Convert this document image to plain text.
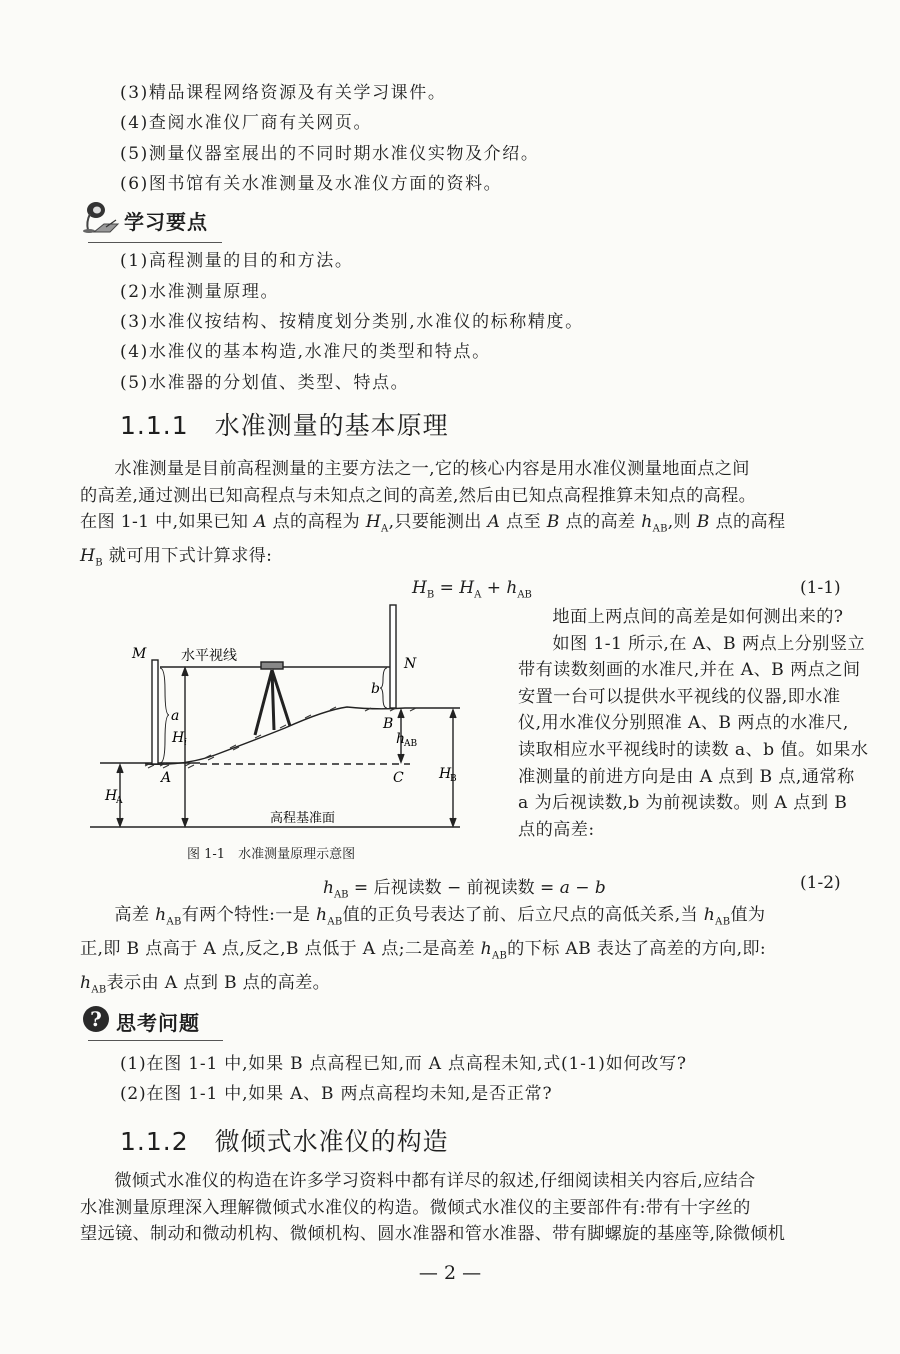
(3)精品课程网络资源及有关学习课件。
(4)查阅水准仪厂商有关网页。
(5)测量仪器室展出的不同时期水准仪实物及介绍。
(6)图书馆有关水准测量及水准仪方面的资料。
学习要点
(1)高程测量的目的和方法。
(2)水准测量原理。
(3)水准仪按结构、按精度划分类别,水准仪的标称精度。
(4)水准仪的基本构造,水准尺的类型和特点。
(5)水准器的分划值、类型、特点。
1.1.1 水准测量的基本原理

水准测量是目前高程测量的主要方法之一,它的核心内容是用水准仪测量地面点之间

的高差,通过测出已知高程点与未知点之间的高差,然后由已知点高程推算未知点的高程。

在图 1-1 中,如果已知 A 点的高程为 $H_A$,只要能测出 A 点至 B 点的高差 $h_{AB}$,则 B 点的高程

$H_B$ 就可用下式计算求得:

$H_B = H_A + h_{AB}$	(1-1)
M 水平视线	N
a
b
H i
A
B
C
H
A
H
B
h
AB
高程基准面
图 1-1　水准测量原理示意图
地面上两点间的高差是如何测出来的?
如图 1-1 所示,在 A、B 两点上分别竖立
带有读数刻画的水准尺,并在 A、B 两点之间
安置一台可以提供水平视线的仪器,即水准
仪,用水准仪分别照准 A、B 两点的水准尺,
读取相应水平视线时的读数 a、b 值。如果水
准测量的前进方向是由 A 点到 B 点,通常称
a 为后视读数,b 为前视读数。则 A 点到 B
点的高差:
$h_{AB}$ = 后视读数 − 前视读数 = a − b	(1-2)

高差 $h_{AB}$有两个特性:一是 $h_{AB}$值的正负号表达了前、后立尺点的高低关系,当 $h_{AB}$值为

正,即 B 点高于 A 点,反之,B 点低于 A 点;二是高差 $h_{AB}$的下标 AB 表达了高差的方向,即:

$h_{AB}$表示由 A 点到 B 点的高差。

? 思考问题
(1)在图 1-1 中,如果 B 点高程已知,而 A 点高程未知,式(1-1)如何改写?
(2)在图 1-1 中,如果 A、B 两点高程均未知,是否正常?
1.1.2 微倾式水准仪的构造

微倾式水准仪的构造在许多学习资料中都有详尽的叙述,仔细阅读相关内容后,应结合

水准测量原理深入理解微倾式水准仪的构造。微倾式水准仪的主要部件有:带有十字丝的

望远镜、制动和微动机构、微倾机构、圆水准器和管水准器、带有脚螺旋的基座等,除微倾机

— 2 —
